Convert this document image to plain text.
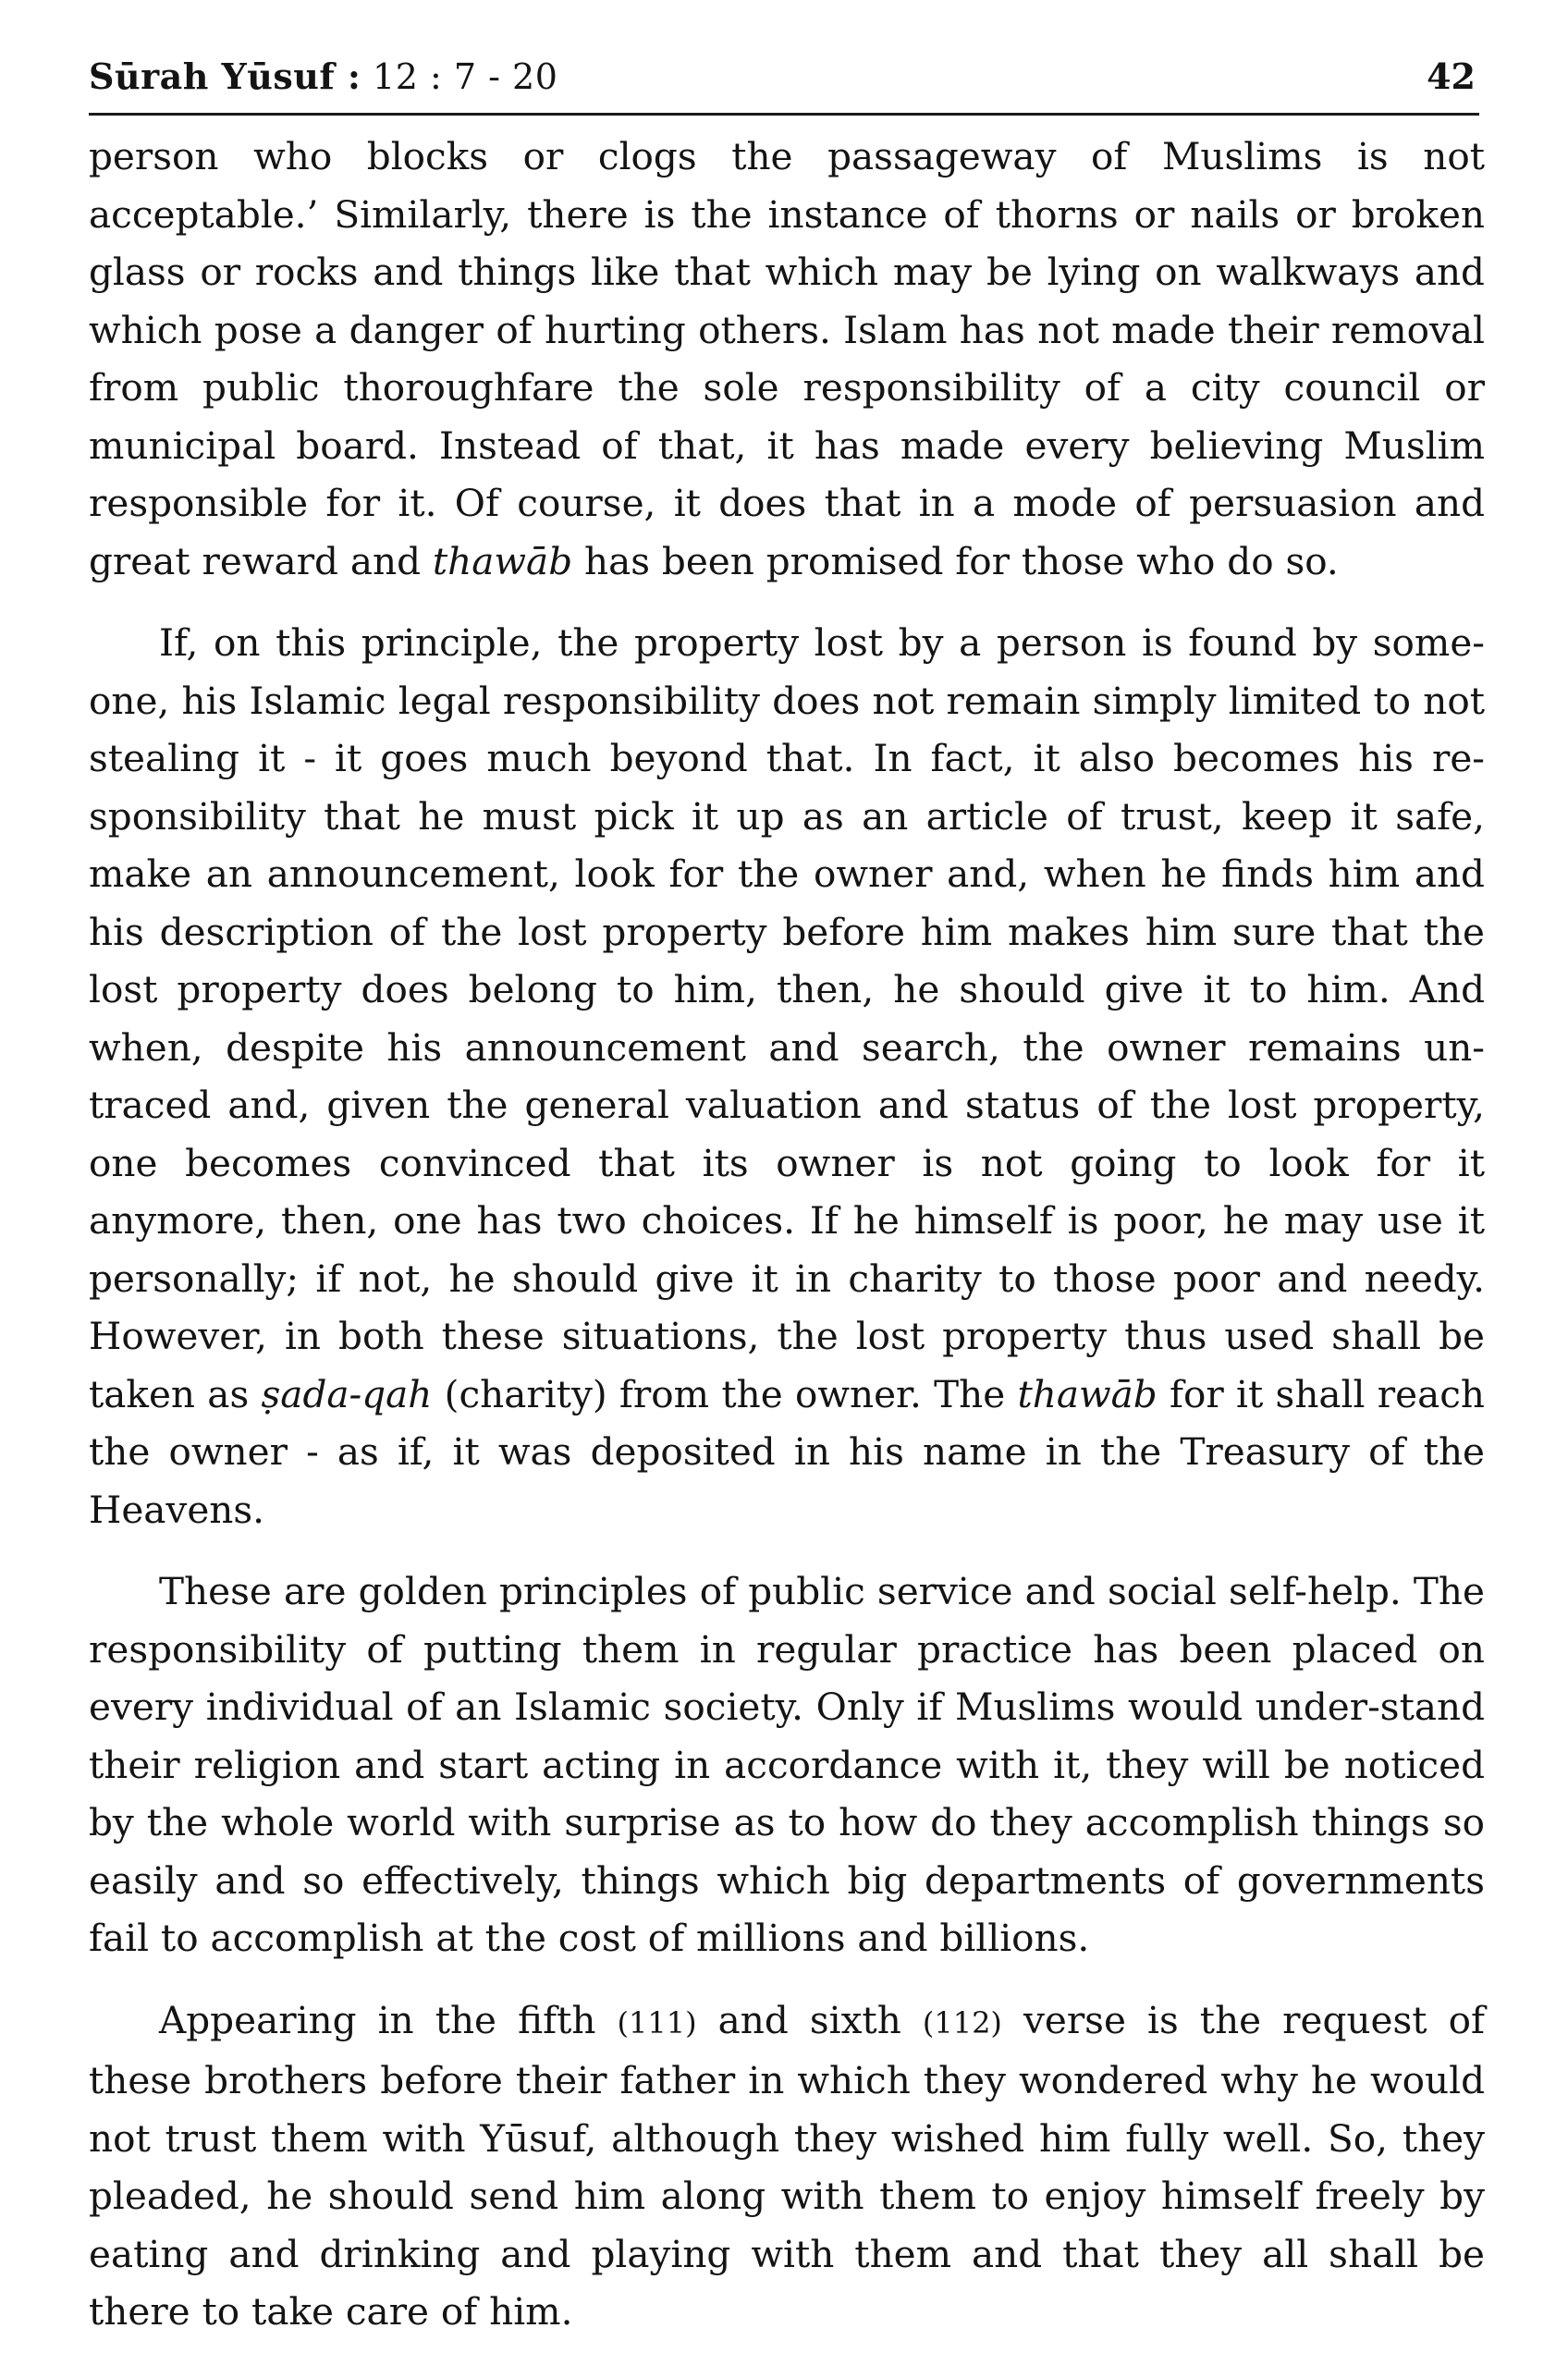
Sūrah Yūsuf : 12 : 7 - 20	42

person who blocks or clogs the passageway of Muslims is not acceptable.’ Similarly, there is the instance of thorns or nails or broken glass or rocks and things like that which may be lying on walkways and which pose a danger of hurting others. Islam has not made their removal from public thoroughfare the sole responsibility of a city council or municipal board. Instead of that, it has made every believing Muslim responsible for it. Of course, it does that in a mode of persuasion and great reward and thawāb has been promised for those who do so.

If, on this principle, the property lost by a person is found by some-one, his Islamic legal responsibility does not remain simply limited to not stealing it - it goes much beyond that. In fact, it also becomes his re-sponsibility that he must pick it up as an article of trust, keep it safe, make an announcement, look for the owner and, when he finds him and his description of the lost property before him makes him sure that the lost property does belong to him, then, he should give it to him. And when, despite his announcement and search, the owner remains un-traced and, given the general valuation and status of the lost property, one becomes convinced that its owner is not going to look for it anymore, then, one has two choices. If he himself is poor, he may use it personally; if not, he should give it in charity to those poor and needy. However, in both these situations, the lost property thus used shall be taken as ṣada-qah (charity) from the owner. The thawāb for it shall reach the owner - as if, it was deposited in his name in the Treasury of the Heavens.

These are golden principles of public service and social self-help. The responsibility of putting them in regular practice has been placed on every individual of an Islamic society. Only if Muslims would under-stand their religion and start acting in accordance with it, they will be noticed by the whole world with surprise as to how do they accomplish things so easily and so effectively, things which big departments of governments fail to accomplish at the cost of millions and billions.

Appearing in the fifth (111) and sixth (112) verse is the request of these brothers before their father in which they wondered why he would not trust them with Yūsuf, although they wished him fully well. So, they pleaded, he should send him along with them to enjoy himself freely by eating and drinking and playing with them and that they all shall be there to take care of him.
